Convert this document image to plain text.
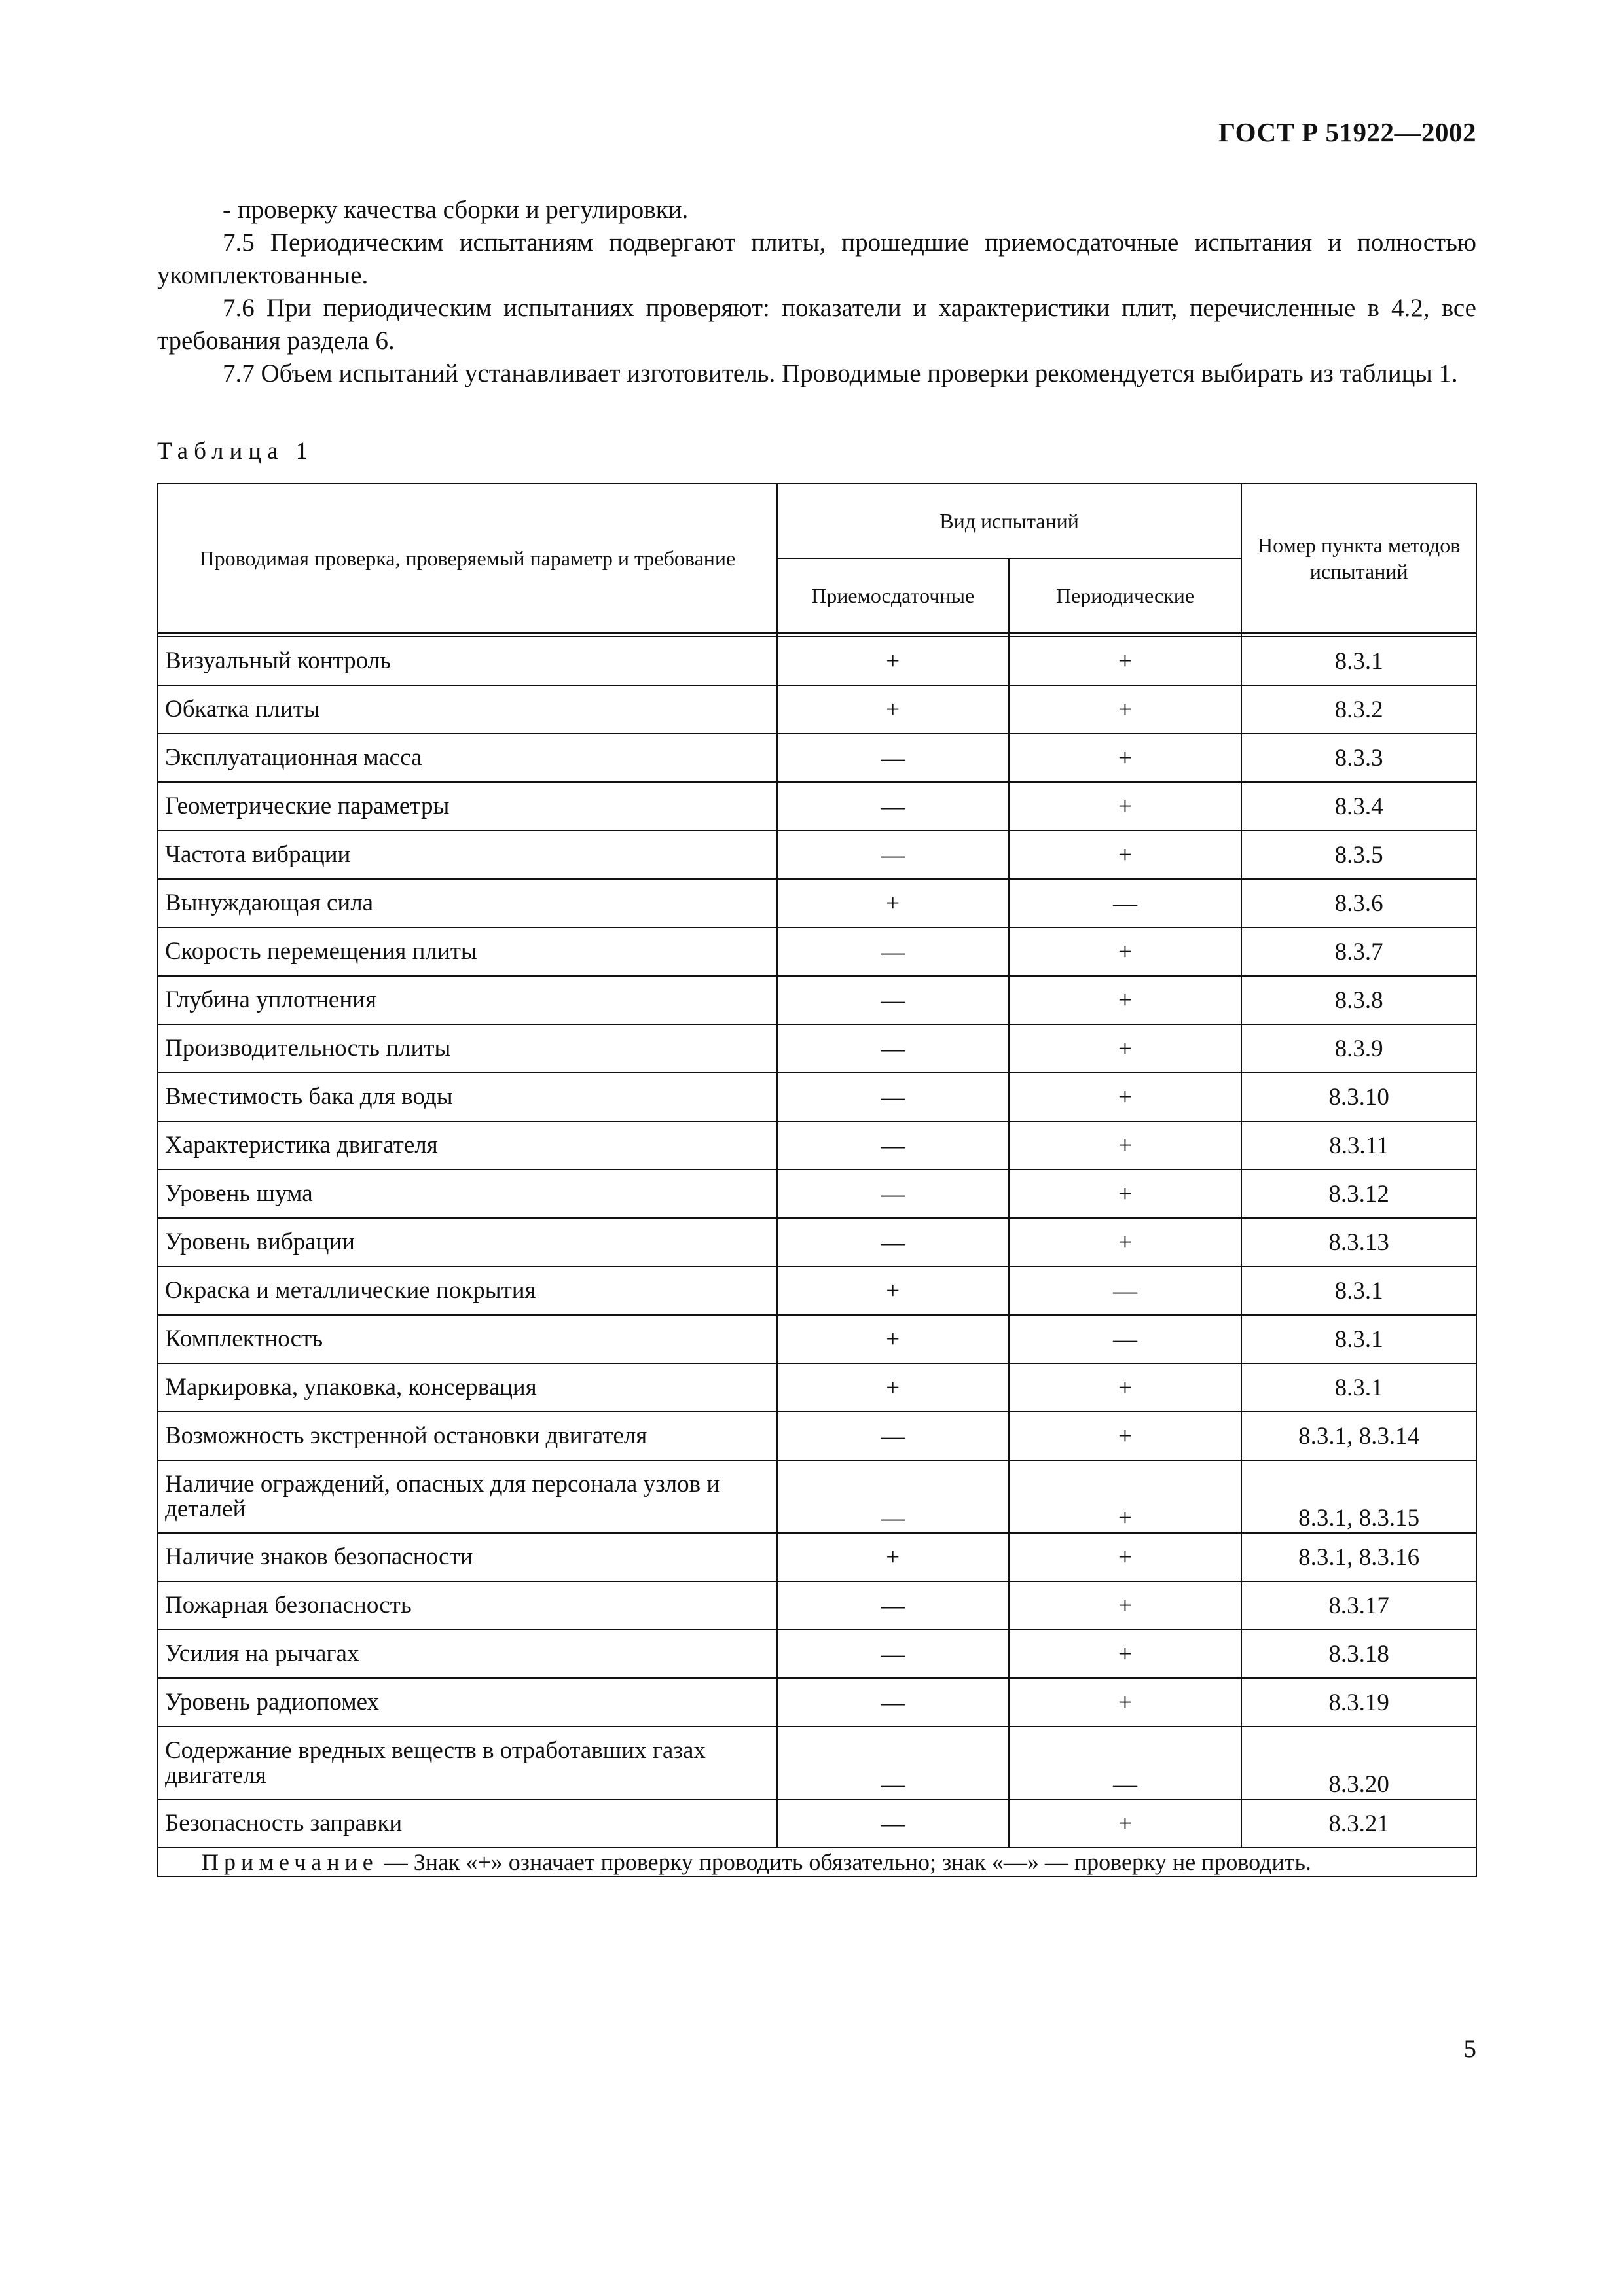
ГОСТ Р 51922—2002

- проверку качества сборки и регулировки.

7.5 Периодическим испытаниям подвергают плиты, прошедшие приемосдаточные испытания и полностью укомплектованные.

7.6 При периодическим испытаниях проверяют: показатели и характеристики плит, перечисленные в 4.2, все требования раздела 6.

7.7 Объем испытаний устанавливает изготовитель. Проводимые проверки рекомендуется выбирать из таблицы 1.

Таблица 1
Проводимая проверка, проверяемый параметр и требование	Вид испытаний		Номер пункта методов испытаний
	Приемосдаточные	Периодические	

Визуальный контроль	+	+	8.3.1
Обкатка плиты	+	+	8.3.2
Эксплуатационная масса	—	+	8.3.3
Геометрические параметры	—	+	8.3.4
Частота вибрации	—	+	8.3.5
Вынуждающая сила	+	—	8.3.6
Скорость перемещения плиты	—	+	8.3.7
Глубина уплотнения	—	+	8.3.8
Производительность плиты	—	+	8.3.9
Вместимость бака для воды	—	+	8.3.10
Характеристика двигателя	—	+	8.3.11
Уровень шума	—	+	8.3.12
Уровень вибрации	—	+	8.3.13
Окраска и металлические покрытия	+	—	8.3.1
Комплектность	+	—	8.3.1
Маркировка, упаковка, консервация	+	+	8.3.1
Возможность экстренной остановки двигателя	—	+	8.3.1, 8.3.14
Наличие ограждений, опасных для персонала узлов и деталей	—	+	8.3.1, 8.3.15
Наличие знаков безопасности	+	+	8.3.1, 8.3.16
Пожарная безопасность	—	+	8.3.17
Усилия на рычагах	—	+	8.3.18
Уровень радиопомех	—	+	8.3.19
Содержание вредных веществ в отработавших газах двигателя	—	—	8.3.20
Безопасность заправки	—	+	8.3.21
Примечание — Знак «+» означает проверку проводить обязательно; знак «—» — проверку не проводить.			
5
